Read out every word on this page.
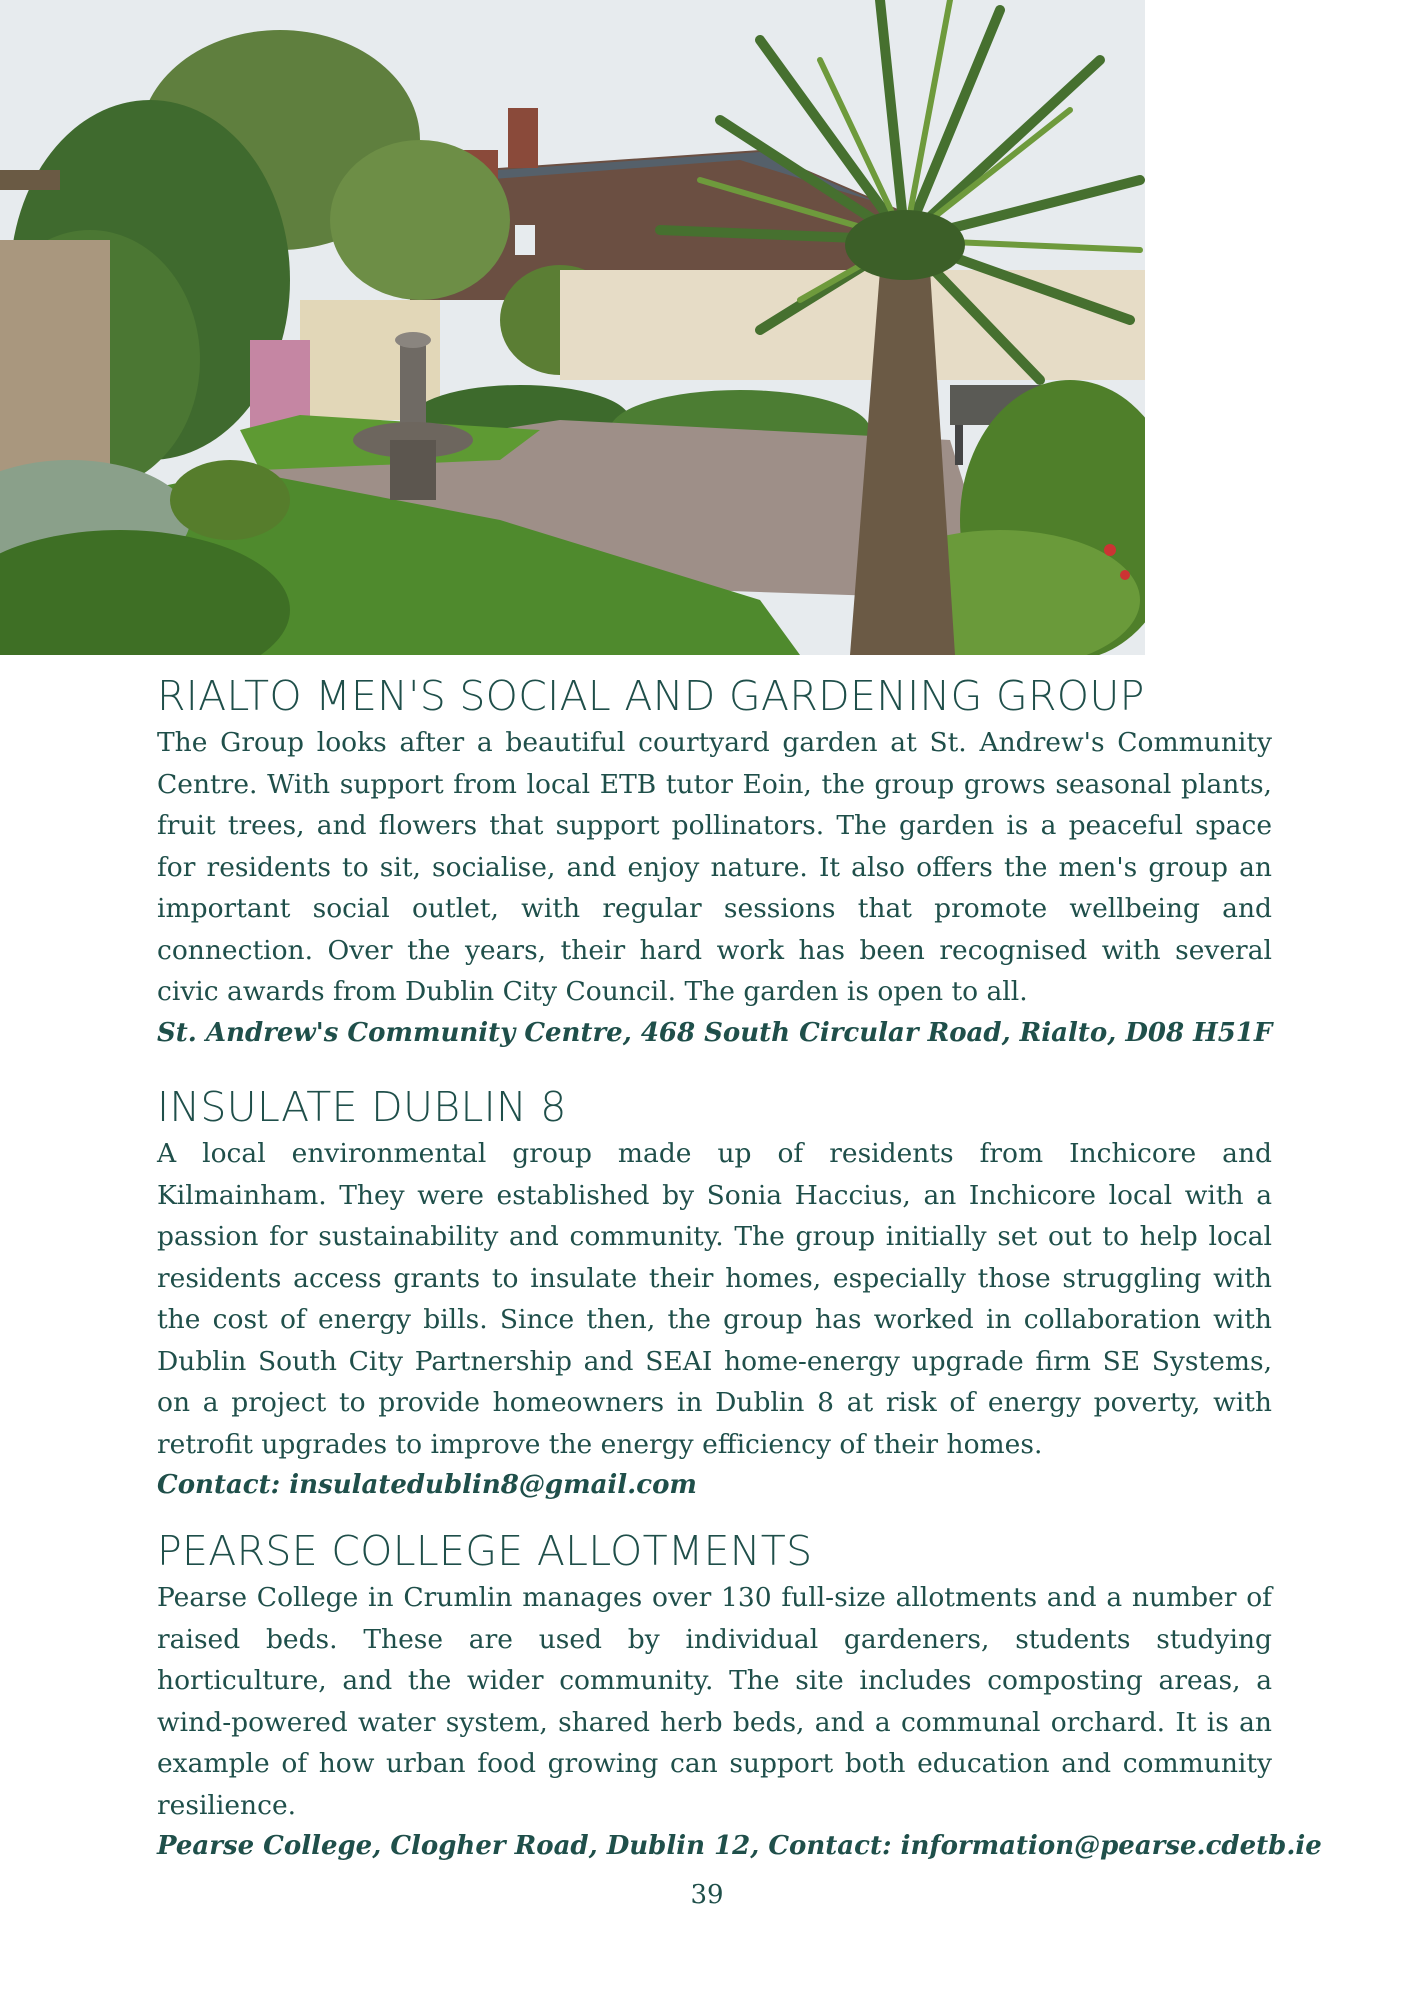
RIALTO MEN'S SOCIAL AND GARDENING GROUP

The Group looks after a beautiful courtyard garden at St. Andrew's Community Centre. With support from local ETB tutor Eoin, the group grows seasonal plants, fruit trees, and flowers that support pollinators. The garden is a peaceful space for residents to sit, socialise, and enjoy nature. It also offers the men's group an important social outlet, with regular sessions that promote wellbeing and connection. Over the years, their hard work has been recognised with several civic awards from Dublin City Council. The garden is open to all.

St. Andrew's Community Centre, 468 South Circular Road, Rialto, D08 H51F

INSULATE DUBLIN 8

A local environmental group made up of residents from Inchicore and Kilmainham. They were established by Sonia Haccius, an Inchicore local with a passion for sustainability and community. The group initially set out to help local residents access grants to insulate their homes, especially those struggling with the cost of energy bills. Since then, the group has worked in collaboration with Dublin South City Partnership and SEAI home-energy upgrade firm SE Systems, on a project to provide homeowners in Dublin 8 at risk of energy poverty, with retrofit upgrades to improve the energy efficiency of their homes.

Contact: insulatedublin8@gmail.com

PEARSE COLLEGE ALLOTMENTS

Pearse College in Crumlin manages over 130 full-size allotments and a number of raised beds. These are used by individual gardeners, students studying horticulture, and the wider community. The site includes composting areas, a wind-powered water system, shared herb beds, and a communal orchard. It is an example of how urban food growing can support both education and community resilience.

Pearse College, Clogher Road, Dublin 12, Contact: information@pearse.cdetb.ie

39
